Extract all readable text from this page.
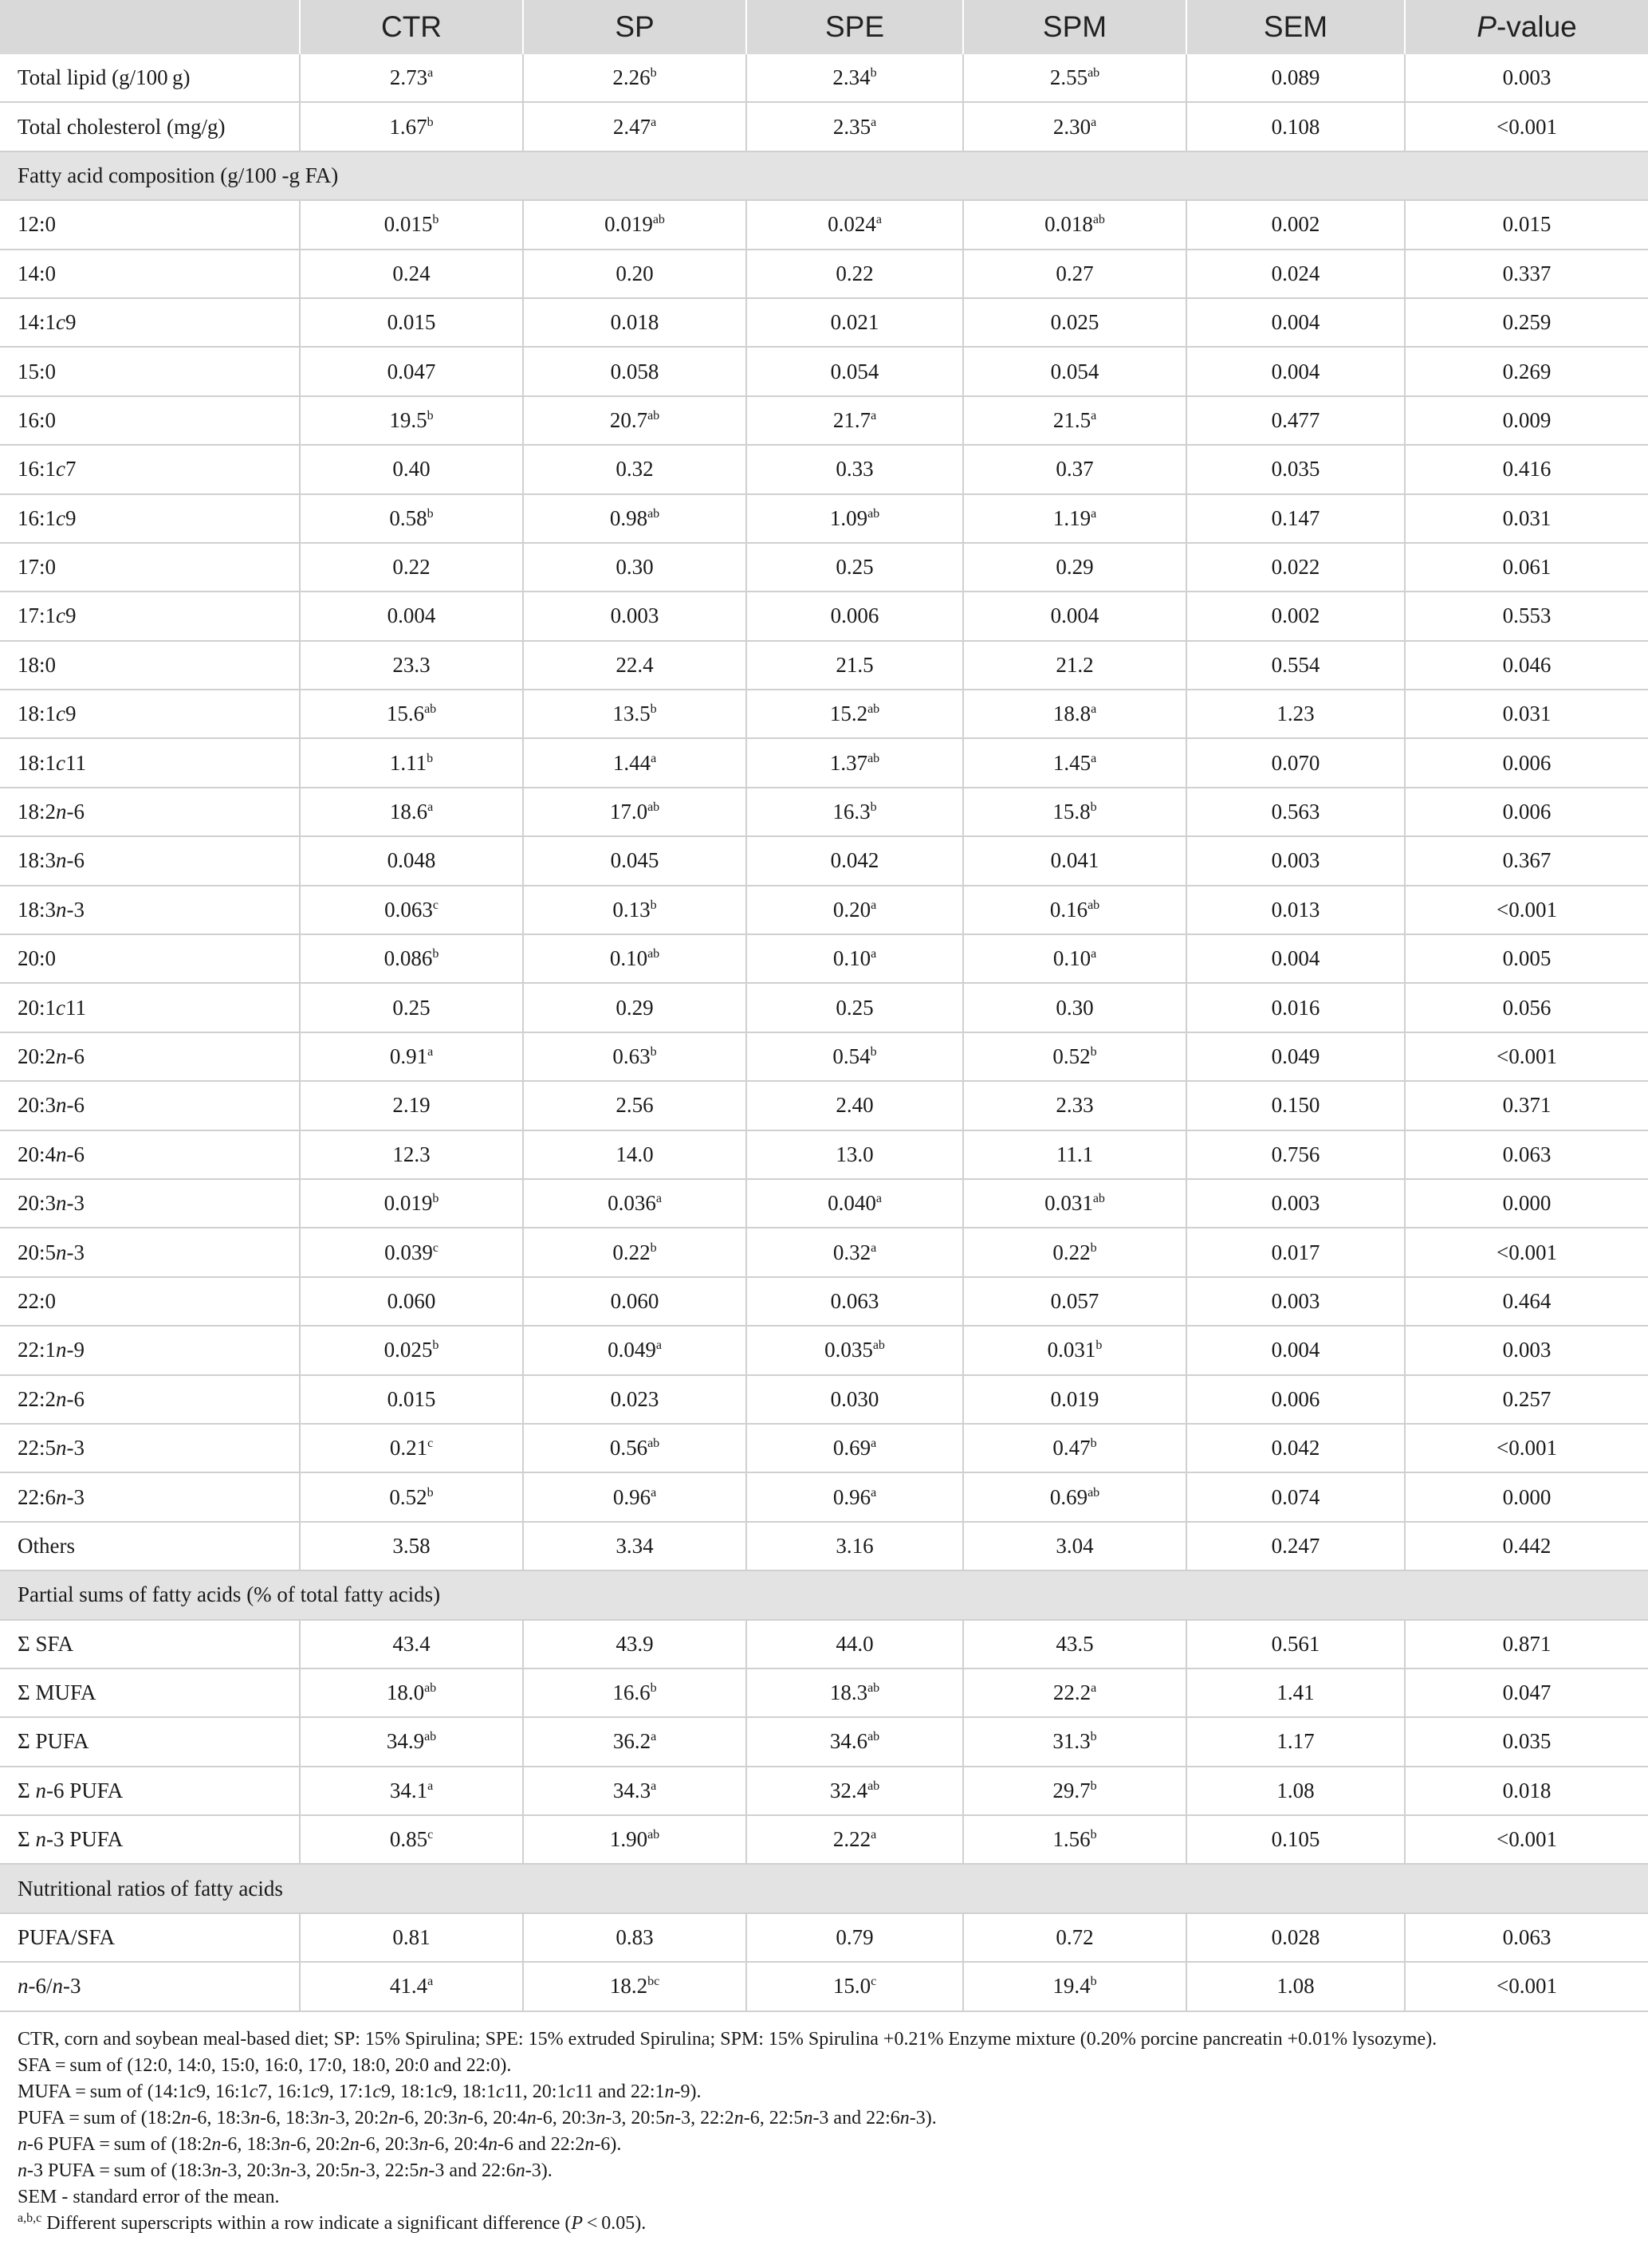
	CTR	SP	SPE	SPM	SEM	P-value
Total lipid (g/100 g)	2.73$^a$	2.26$^b$	2.34$^b$	2.55$^{ab}$	0.089	0.003
Total cholesterol (mg/g)	1.67$^b$	2.47$^a$	2.35$^a$	2.30$^a$	0.108	<0.001
Fatty acid composition (g/100 -g FA)						
12:0	0.015$^b$	0.019$^{ab}$	0.024$^a$	0.018$^{ab}$	0.002	0.015
14:0	0.24	0.20	0.22	0.27	0.024	0.337
14:1c9	0.015	0.018	0.021	0.025	0.004	0.259
15:0	0.047	0.058	0.054	0.054	0.004	0.269
16:0	19.5$^b$	20.7$^{ab}$	21.7$^a$	21.5$^a$	0.477	0.009
16:1c7	0.40	0.32	0.33	0.37	0.035	0.416
16:1c9	0.58$^b$	0.98$^{ab}$	1.09$^{ab}$	1.19$^a$	0.147	0.031
17:0	0.22	0.30	0.25	0.29	0.022	0.061
17:1c9	0.004	0.003	0.006	0.004	0.002	0.553
18:0	23.3	22.4	21.5	21.2	0.554	0.046
18:1c9	15.6$^{ab}$	13.5$^b$	15.2$^{ab}$	18.8$^a$	1.23	0.031
18:1c11	1.11$^b$	1.44$^a$	1.37$^{ab}$	1.45$^a$	0.070	0.006
18:2n-6	18.6$^a$	17.0$^{ab}$	16.3$^b$	15.8$^b$	0.563	0.006
18:3n-6	0.048	0.045	0.042	0.041	0.003	0.367
18:3n-3	0.063$^c$	0.13$^b$	0.20$^a$	0.16$^{ab}$	0.013	<0.001
20:0	0.086$^b$	0.10$^{ab}$	0.10$^a$	0.10$^a$	0.004	0.005
20:1c11	0.25	0.29	0.25	0.30	0.016	0.056
20:2n-6	0.91$^a$	0.63$^b$	0.54$^b$	0.52$^b$	0.049	<0.001
20:3n-6	2.19	2.56	2.40	2.33	0.150	0.371
20:4n-6	12.3	14.0	13.0	11.1	0.756	0.063
20:3n-3	0.019$^b$	0.036$^a$	0.040$^a$	0.031$^{ab}$	0.003	0.000
20:5n-3	0.039$^c$	0.22$^b$	0.32$^a$	0.22$^b$	0.017	<0.001
22:0	0.060	0.060	0.063	0.057	0.003	0.464
22:1n-9	0.025$^b$	0.049$^a$	0.035$^{ab}$	0.031$^b$	0.004	0.003
22:2n-6	0.015	0.023	0.030	0.019	0.006	0.257
22:5n-3	0.21$^c$	0.56$^{ab}$	0.69$^a$	0.47$^b$	0.042	<0.001
22:6n-3	0.52$^b$	0.96$^a$	0.96$^a$	0.69$^{ab}$	0.074	0.000
Others	3.58	3.34	3.16	3.04	0.247	0.442
Partial sums of fatty acids (% of total fatty acids)						
Σ SFA	43.4	43.9	44.0	43.5	0.561	0.871
Σ MUFA	18.0$^{ab}$	16.6$^b$	18.3$^{ab}$	22.2$^a$	1.41	0.047
Σ PUFA	34.9$^{ab}$	36.2$^a$	34.6$^{ab}$	31.3$^b$	1.17	0.035
Σ n-6 PUFA	34.1$^a$	34.3$^a$	32.4$^{ab}$	29.7$^b$	1.08	0.018
Σ n-3 PUFA	0.85$^c$	1.90$^{ab}$	2.22$^a$	1.56$^b$	0.105	<0.001
Nutritional ratios of fatty acids						
PUFA/SFA	0.81	0.83	0.79	0.72	0.028	0.063
n-6/n-3	41.4$^a$	18.2$^{bc}$	15.0$^c$	19.4$^b$	1.08	<0.001
CTR, corn and soybean meal-based diet; SP: 15% Spirulina; SPE: 15% extruded Spirulina; SPM: 15% Spirulina +0.21% Enzyme mixture (0.20% porcine pancreatin +0.01% lysozyme).
SFA = sum of (12:0, 14:0, 15:0, 16:0, 17:0, 18:0, 20:0 and 22:0).
MUFA = sum of (14:1c9, 16:1c7, 16:1c9, 17:1c9, 18:1c9, 18:1c11, 20:1c11 and 22:1n-9).
PUFA = sum of (18:2n-6, 18:3n-6, 18:3n-3, 20:2n-6, 20:3n-6, 20:4n-6, 20:3n-3, 20:5n-3, 22:2n-6, 22:5n-3 and 22:6n-3).
n-6 PUFA = sum of (18:2n-6, 18:3n-6, 20:2n-6, 20:3n-6, 20:4n-6 and 22:2n-6).
n-3 PUFA = sum of (18:3n-3, 20:3n-3, 20:5n-3, 22:5n-3 and 22:6n-3).
SEM - standard error of the mean.
$^{a,b,c}$ Different superscripts within a row indicate a significant difference (P < 0.05).
